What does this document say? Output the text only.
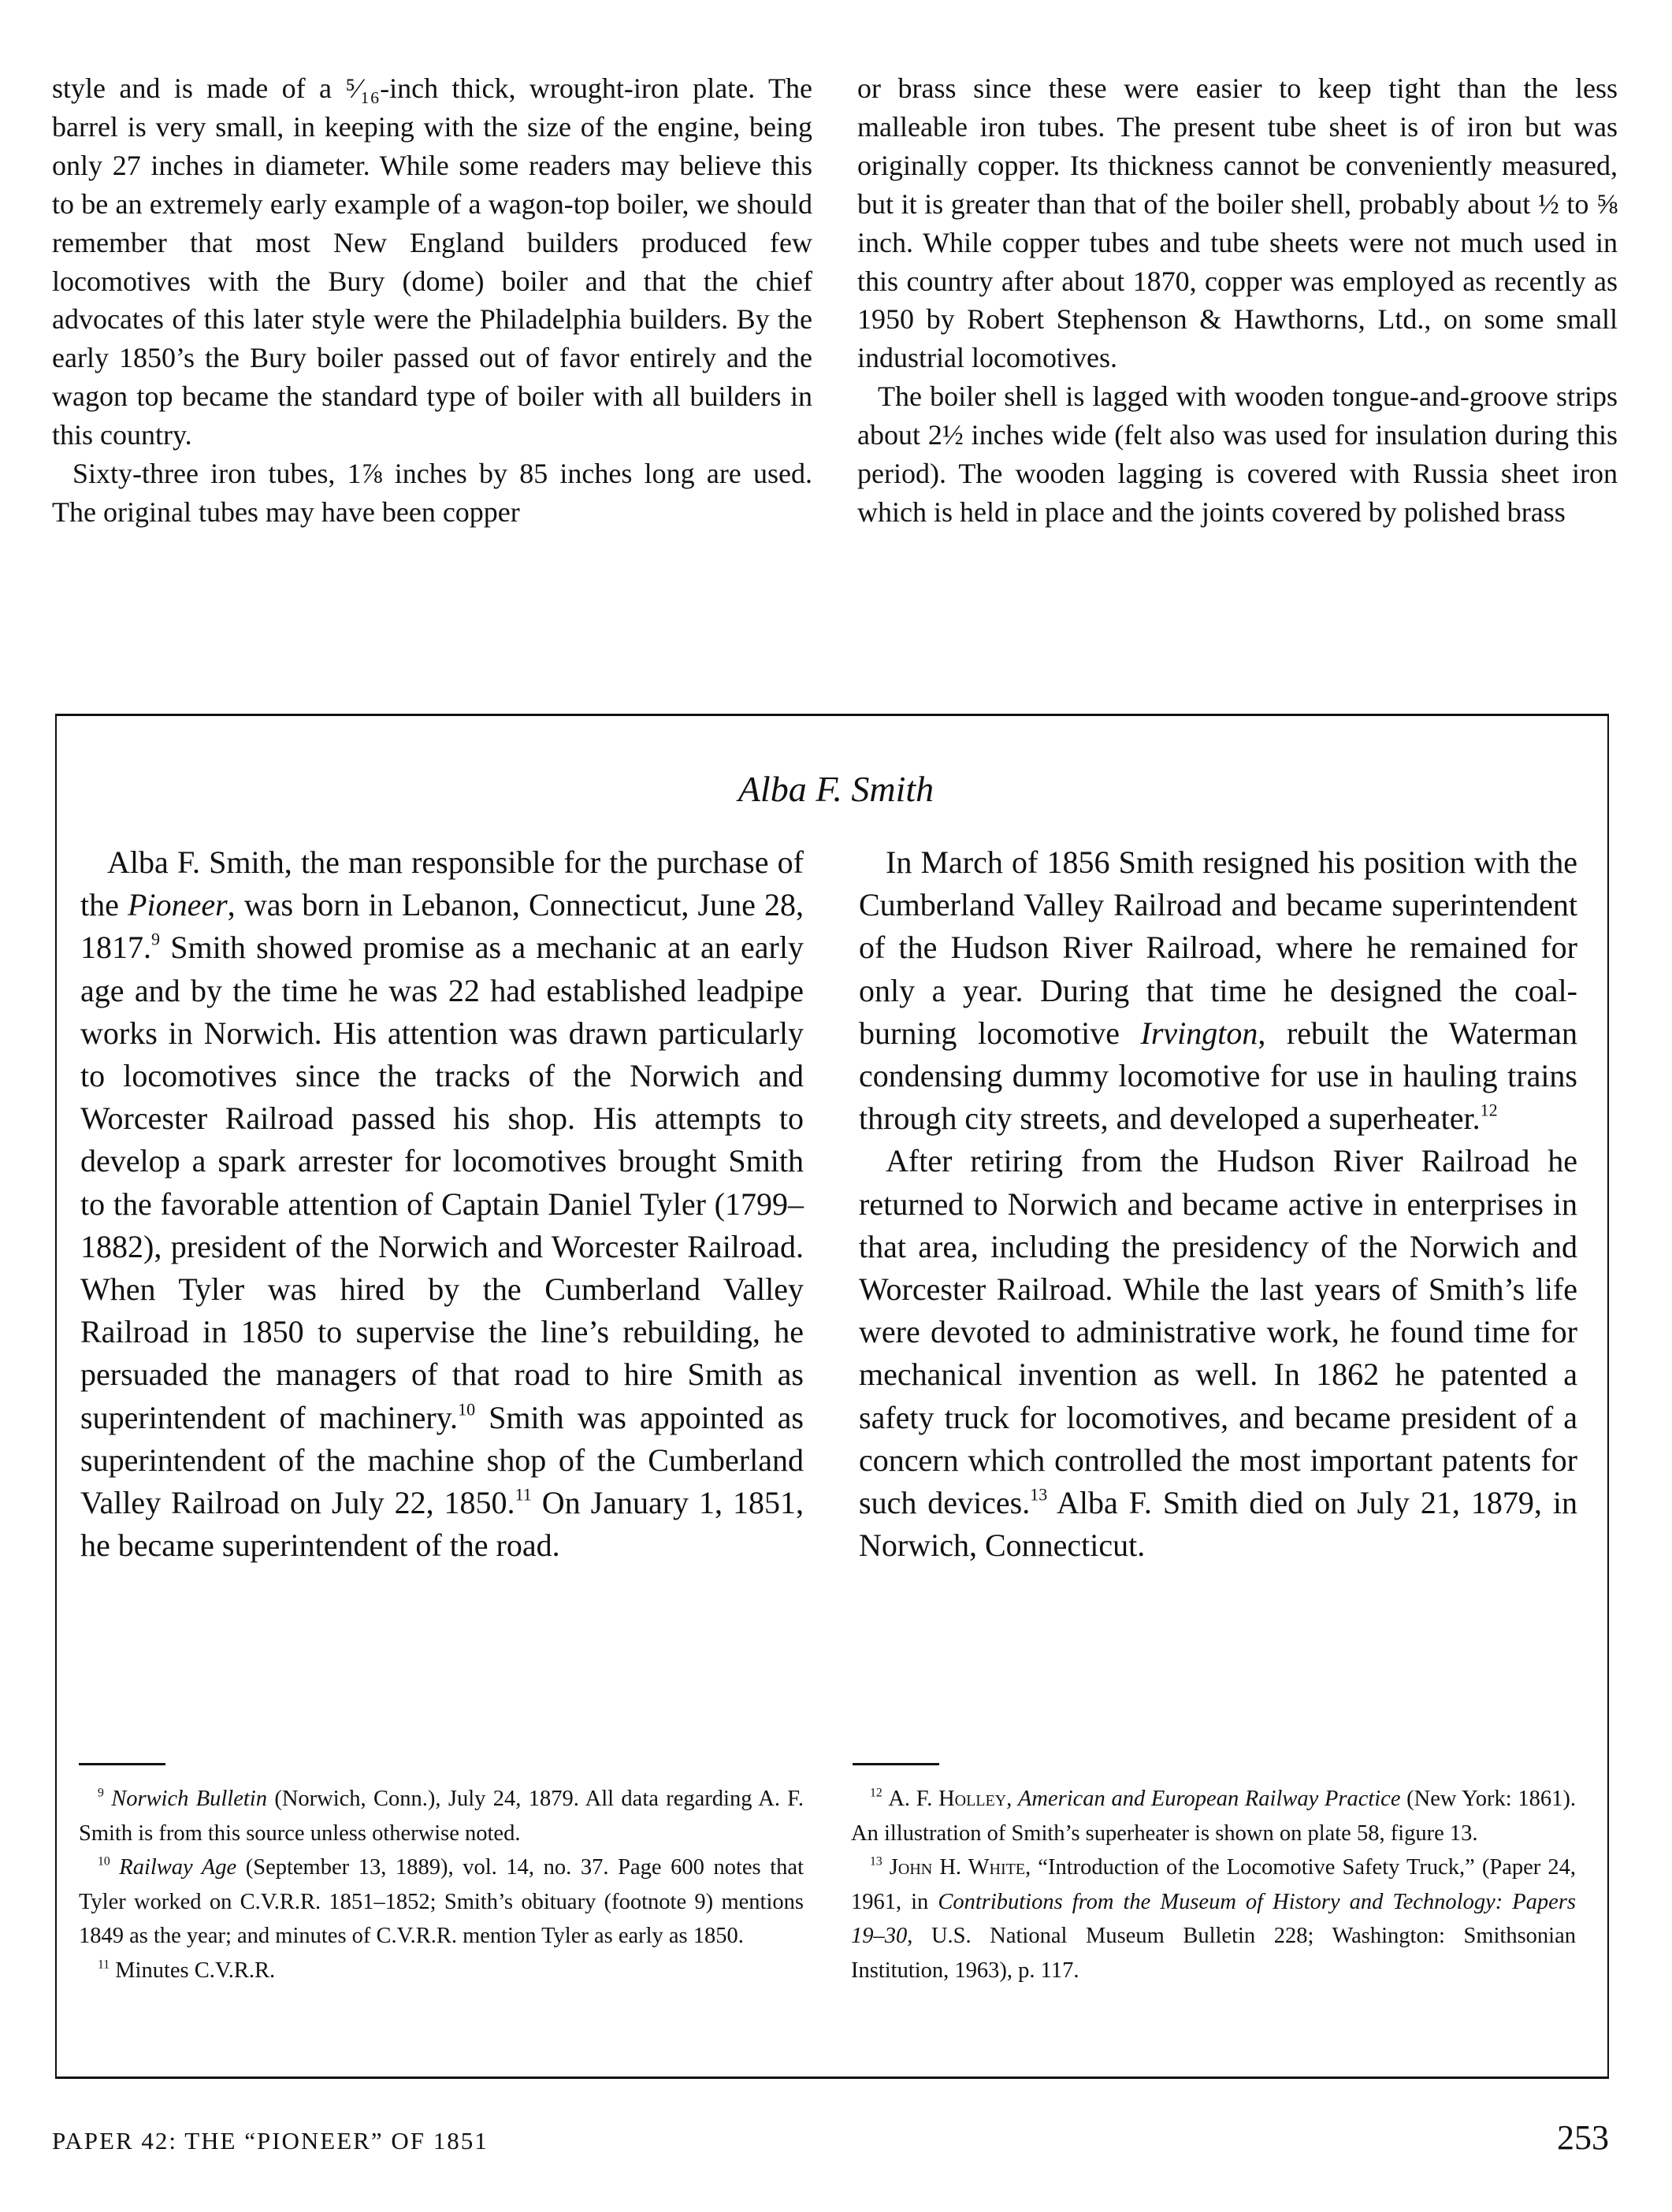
style and is made of a ⁵⁄₁₆-inch thick, wrought-iron plate. The barrel is very small, in keeping with the size of the engine, being only 27 inches in diameter. While some readers may believe this to be an extremely early example of a wagon-top boiler, we should remember that most New England builders produced few locomotives with the Bury (dome) boiler and that the chief advocates of this later style were the Philadelphia builders. By the early 1850’s the Bury boiler passed out of favor entirely and the wagon top became the standard type of boiler with all builders in this country.

Sixty-three iron tubes, 1⅞ inches by 85 inches long are used. The original tubes may have been copper

or brass since these were easier to keep tight than the less malleable iron tubes. The present tube sheet is of iron but was originally copper. Its thickness cannot be conveniently measured, but it is greater than that of the boiler shell, probably about ½ to ⅝ inch. While copper tubes and tube sheets were not much used in this country after about 1870, copper was employed as recently as 1950 by Robert Stephenson & Hawthorns, Ltd., on some small industrial locomotives.

The boiler shell is lagged with wooden tongue-and-groove strips about 2½ inches wide (felt also was used for insulation during this period). The wooden lagging is covered with Russia sheet iron which is held in place and the joints covered by polished brass

Alba F. Smith

Alba F. Smith, the man responsible for the purchase of the Pioneer, was born in Lebanon, Connecticut, June 28, 1817.$^9$ Smith showed promise as a mechanic at an early age and by the time he was 22 had established leadpipe works in Norwich. His attention was drawn particularly to locomotives since the tracks of the Norwich and Worcester Railroad passed his shop. His attempts to develop a spark arrester for locomotives brought Smith to the favorable attention of Captain Daniel Tyler (1799–1882), president of the Norwich and Worcester Railroad. When Tyler was hired by the Cumberland Valley Railroad in 1850 to supervise the line’s rebuilding, he persuaded the managers of that road to hire Smith as superintendent of machinery.$^{10}$ Smith was appointed as superintendent of the machine shop of the Cumberland Valley Railroad on July 22, 1850.11 On January 1, 1851, he became superintendent of the road.

In March of 1856 Smith resigned his position with the Cumberland Valley Railroad and became superintendent of the Hudson River Railroad, where he remained for only a year. During that time he designed the coal-burning locomotive Irvington, rebuilt the Waterman condensing dummy locomotive for use in hauling trains through city streets, and developed a superheater.$^{12}$

After retiring from the Hudson River Railroad he returned to Norwich and became active in enterprises in that area, including the presidency of the Norwich and Worcester Railroad. While the last years of Smith’s life were devoted to administrative work, he found time for mechanical invention as well. In 1862 he patented a safety truck for locomotives, and became president of a concern which controlled the most important patents for such devices.$^{13}$ Alba F. Smith died on July 21, 1879, in Norwich, Connecticut.

$^9$ Norwich Bulletin (Norwich, Conn.), July 24, 1879. All data regarding A. F. Smith is from this source unless otherwise noted.

$^{10}$ Railway Age (September 13, 1889), vol. 14, no. 37. Page 600 notes that Tyler worked on C.V.R.R. 1851–1852; Smith’s obituary (footnote 9) mentions 1849 as the year; and minutes of C.V.R.R. mention Tyler as early as 1850.

$^{11}$ Minutes C.V.R.R.

$^{12}$ A. F. Holley, American and European Railway Practice (New York: 1861). An illustration of Smith’s superheater is shown on plate 58, figure 13.

$^{13}$ John H. White, “Introduction of the Locomotive Safety Truck,” (Paper 24, 1961, in Contributions from the Museum of History and Technology: Papers 19–30, U.S. National Museum Bulletin 228; Washington: Smithsonian Institution, 1963), p. 117.

PAPER 42: THE “PIONEER” OF 1851	253
